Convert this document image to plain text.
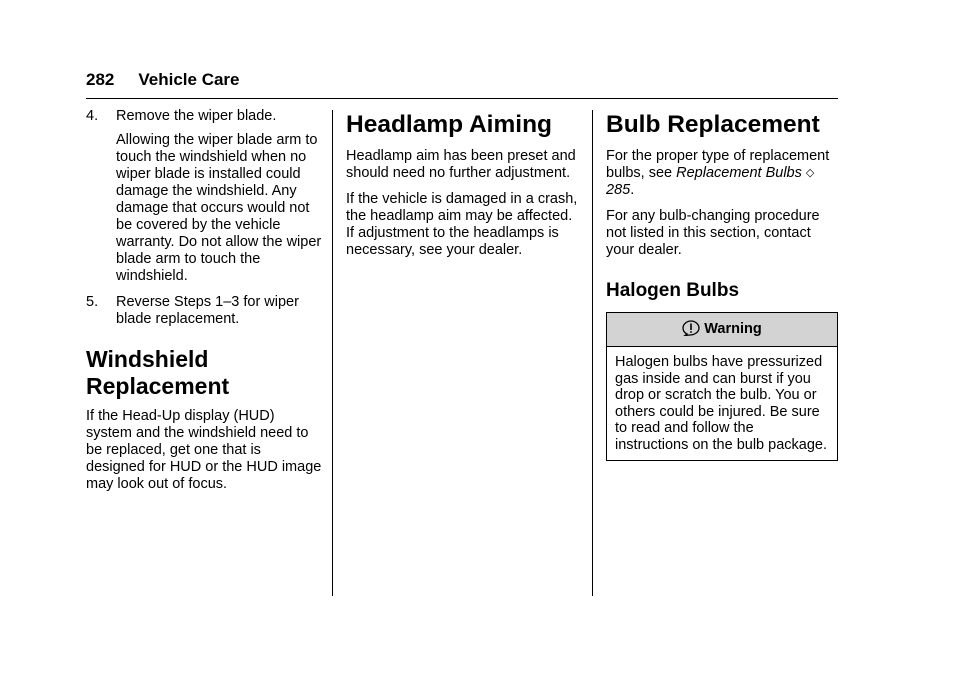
282 Vehicle Care

4. Remove the wiper blade.

Allowing the wiper blade arm to touch the windshield when no wiper blade is installed could damage the windshield. Any damage that occurs would not be covered by the vehicle warranty. Do not allow the wiper blade arm to touch the windshield.

5. Reverse Steps 1–3 for wiper blade replacement.

Windshield Replacement

If the Head-Up display (HUD) system and the windshield need to be replaced, get one that is designed for HUD or the HUD image may look out of focus.

Headlamp Aiming

Headlamp aim has been preset and should need no further adjustment.

If the vehicle is damaged in a crash, the headlamp aim may be affected. If adjustment to the headlamps is necessary, see your dealer.

Bulb Replacement

For the proper type of replacement bulbs, see Replacement Bulbs ◇ 285.

For any bulb-changing procedure not listed in this section, contact your dealer.

Halogen Bulbs
Warning
Halogen bulbs have pressurized gas inside and can burst if you drop or scratch the bulb. You or others could be injured. Be sure to read and follow the instructions on the bulb package.
